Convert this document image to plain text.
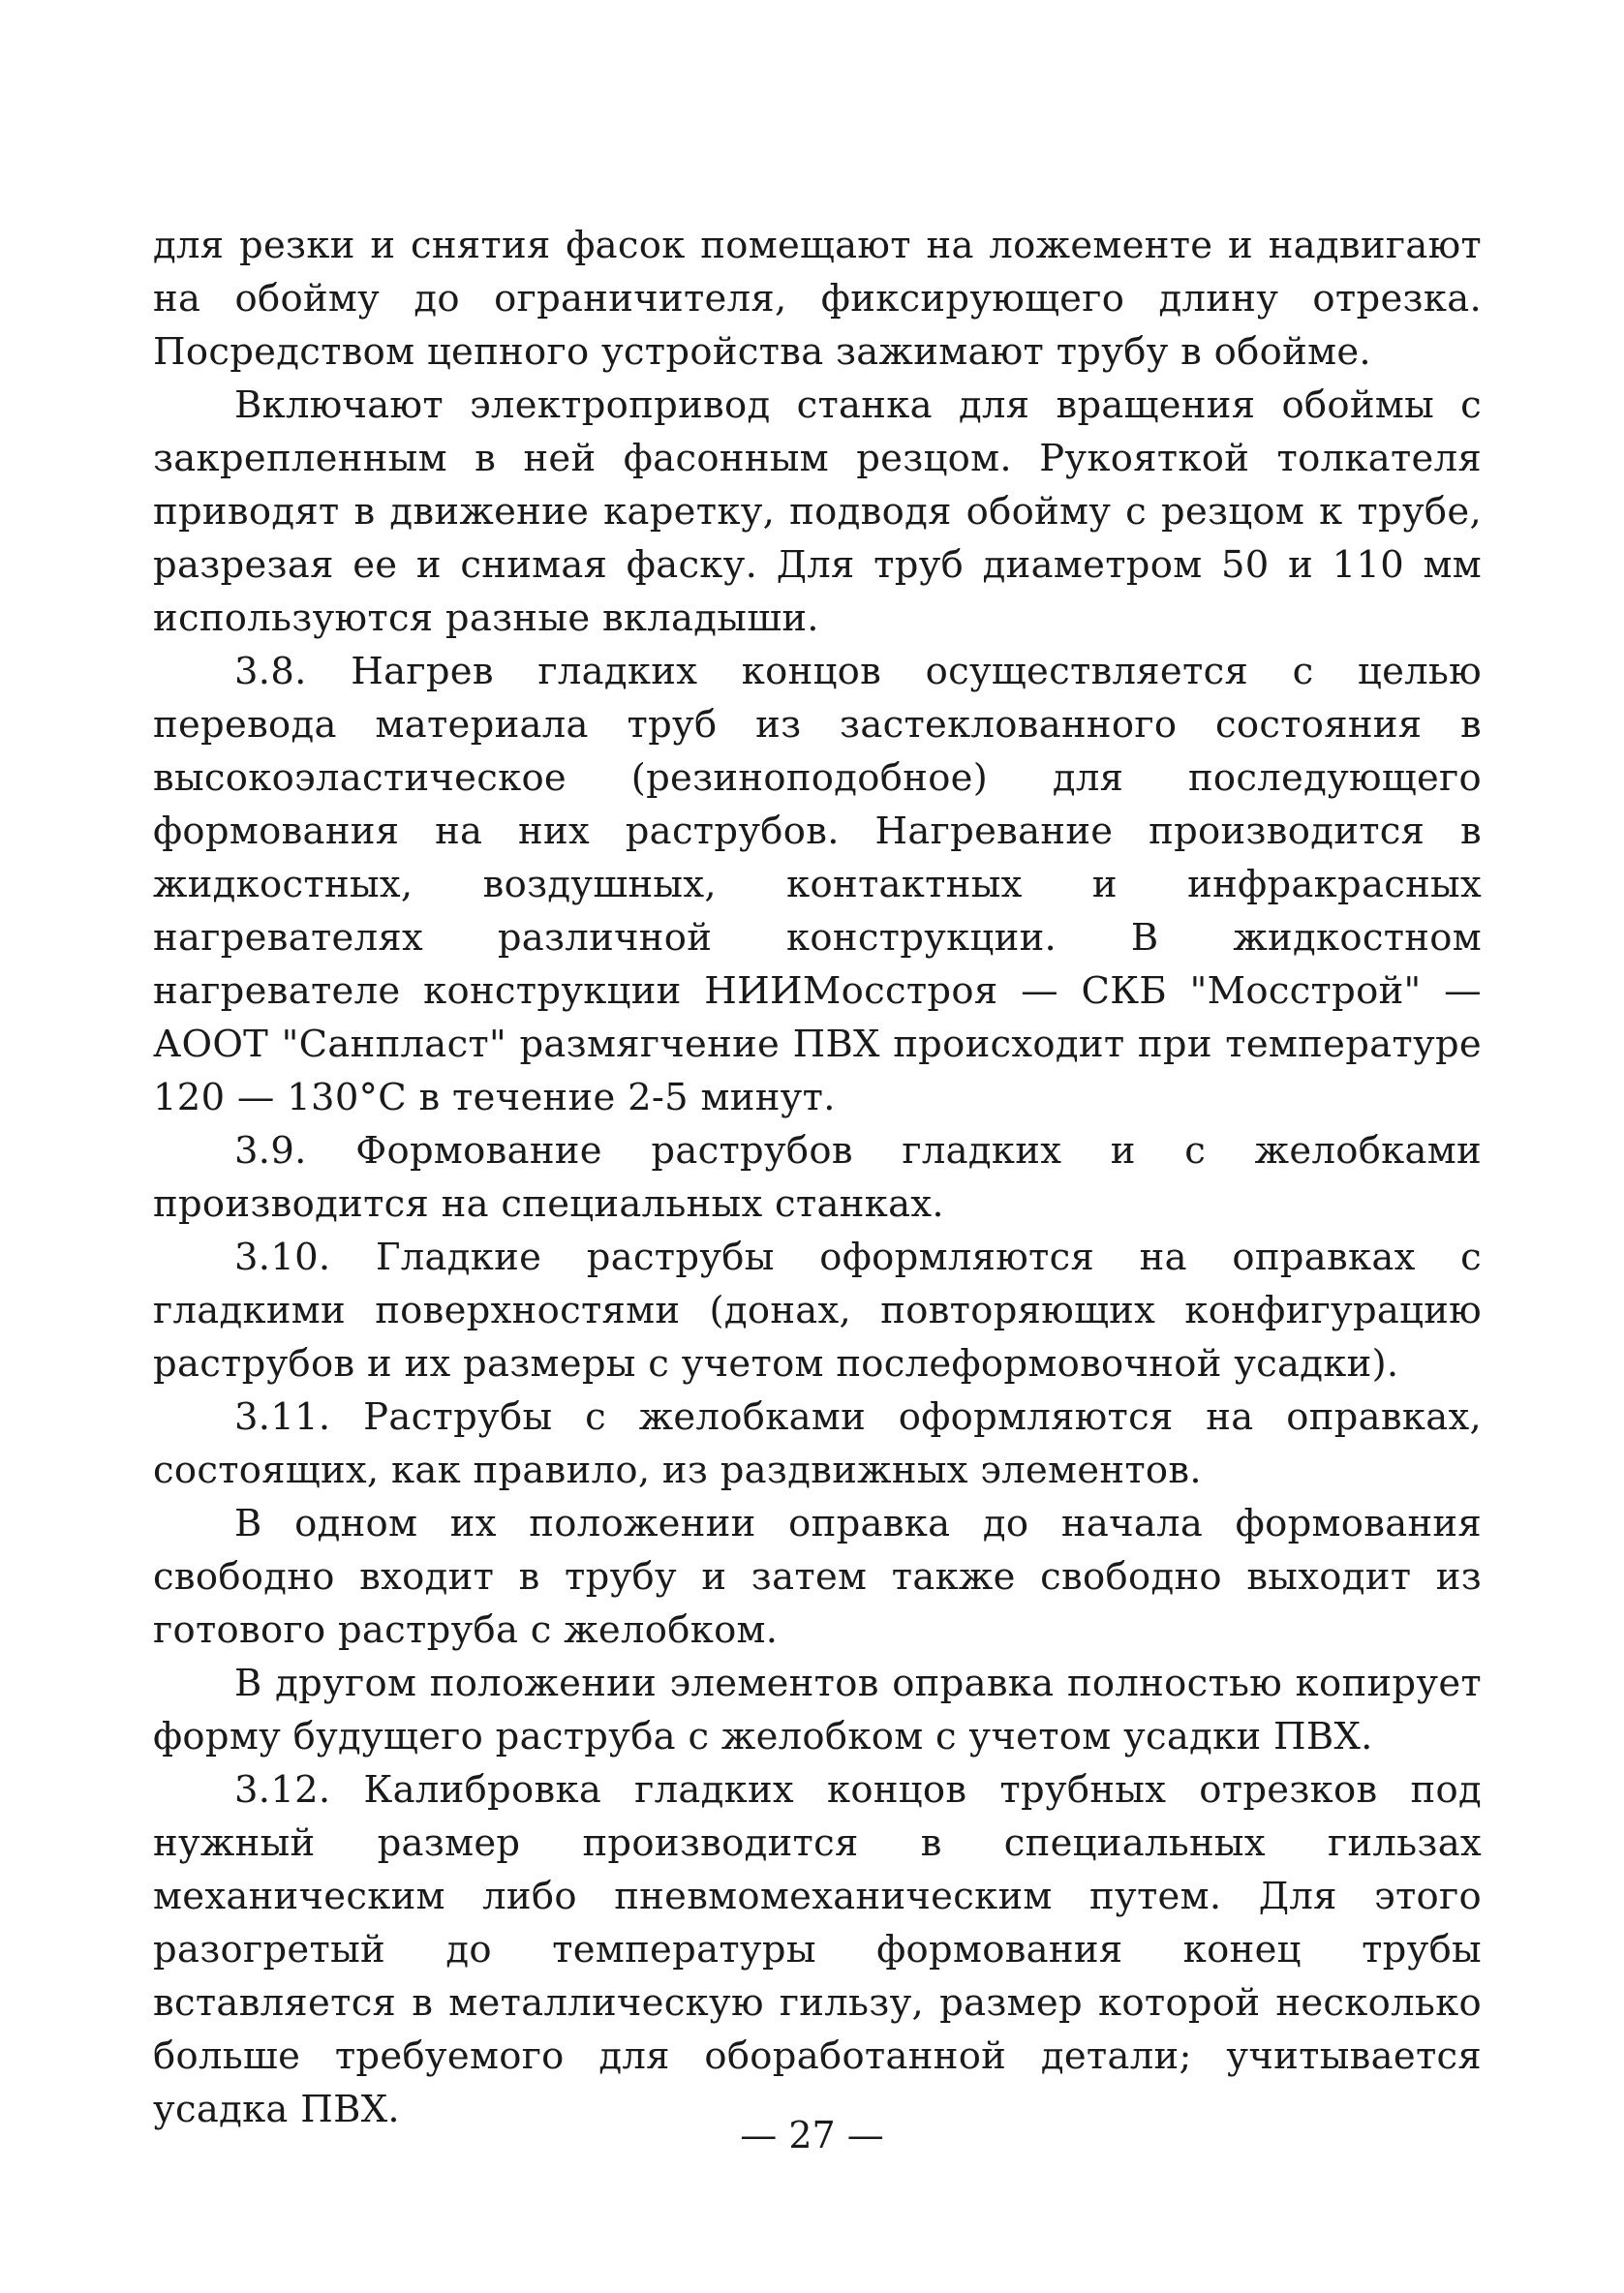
для резки и снятия фасок помещают на ложементе и надвигают на обойму до ограничителя, фиксирующего длину отрезка. Посредством цепного устройства зажимают трубу в обойме.

Включают электропривод станка для вращения обоймы с закрепленным в ней фасонным резцом. Рукояткой толкателя приводят в движение каретку, подводя обойму с резцом к трубе, разрезая ее и снимая фаску. Для труб диаметром 50 и 110 мм используются разные вкладыши.

3.8. Нагрев гладких концов осуществляется с целью перевода материала труб из застеклованного состояния в высокоэластическое (резиноподобное) для последующего формования на них раструбов. Нагревание производится в жидкостных, воздушных, контактных и инфракрасных нагревателях различной конструкции. В жидкостном нагревателе конструкции НИИМосстроя — СКБ "Мосстрой" — АООТ "Санпласт" размягчение ПВХ происходит при температуре 120 — 130°С в течение 2-5 минут.

3.9. Формование раструбов гладких и с желобками производится на специальных станках.

3.10. Гладкие раструбы оформляются на оправках с гладкими поверхностями (донах, повторяющих конфигурацию раструбов и их размеры с учетом послеформовочной усадки).

3.11. Раструбы с желобками оформляются на оправках, состоящих, как правило, из раздвижных элементов.

В одном их положении оправка до начала формования свободно входит в трубу и затем также свободно выходит из готового раструба с желобком.

В другом положении элементов оправка полностью копирует форму будущего раструба с желобком с учетом усадки ПВХ.

3.12. Калибровка гладких концов трубных отрезков под нужный размер производится в специальных гильзах механическим либо пневмомеханическим путем. Для этого разогретый до температуры формования конец трубы вставляется в металлическую гильзу, размер которой несколько больше требуемого для оборабoтанной детали; учитывается усадка ПВХ.

— 27 —
